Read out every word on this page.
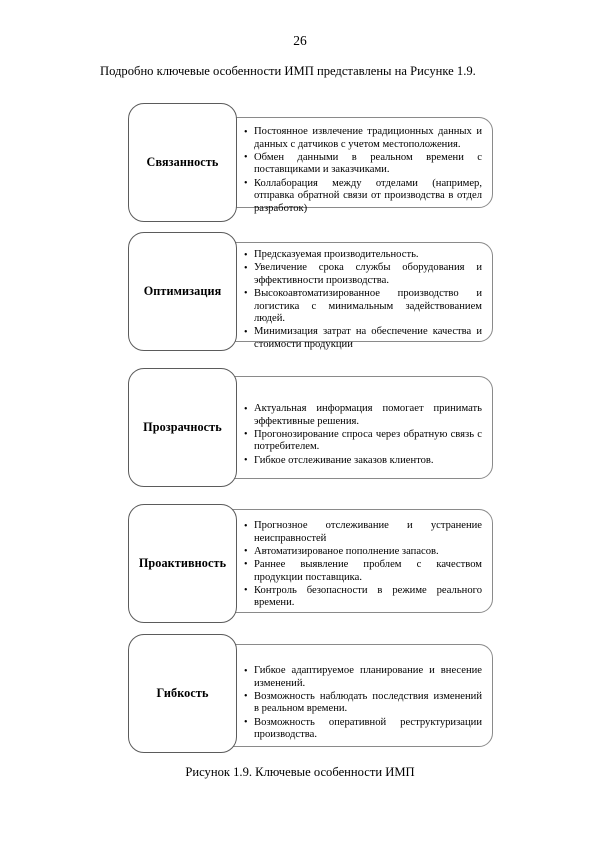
26
Подробно ключевые особенности ИМП представлены на Рисунке 1.9.
Связанность
• Постоянное извлечение традиционных данных и данных с датчиков с учетом местоположения.
• Обмен данными в реальном времени с поставщиками и заказчиками.
• Коллаборация между отделами (например, отправка обратной связи от производства в отдел разработок)
Оптимизация
• Предсказуемая производительность.
• Увеличение срока службы оборудования и эффективности производства.
• Высокоавтоматизированное производство и логистика с минимальным задействованием людей.
• Минимизация затрат на обеспечение качества и стоимости продукции
Прозрачность
• Актуальная информация помогает принимать эффективные решения.
• Прогонозирование спроса через обратную связь с потребителем.
• Гибкое отслеживание заказов клиентов.
Проактивность
• Прогнозное отслеживание и устранение неисправностей
• Автоматизированое пополнение запасов.
• Раннее выявление проблем с качеством продукции поставщика.
• Контроль безопасности в режиме реального времени.
Гибкость
• Гибкое адаптируемое планирование и внесение изменений.
• Возможность наблюдать последствия изменений в реальном времени.
• Возможность оперативной реструктуризации производства.
Рисунок 1.9. Ключевые особенности ИМП
